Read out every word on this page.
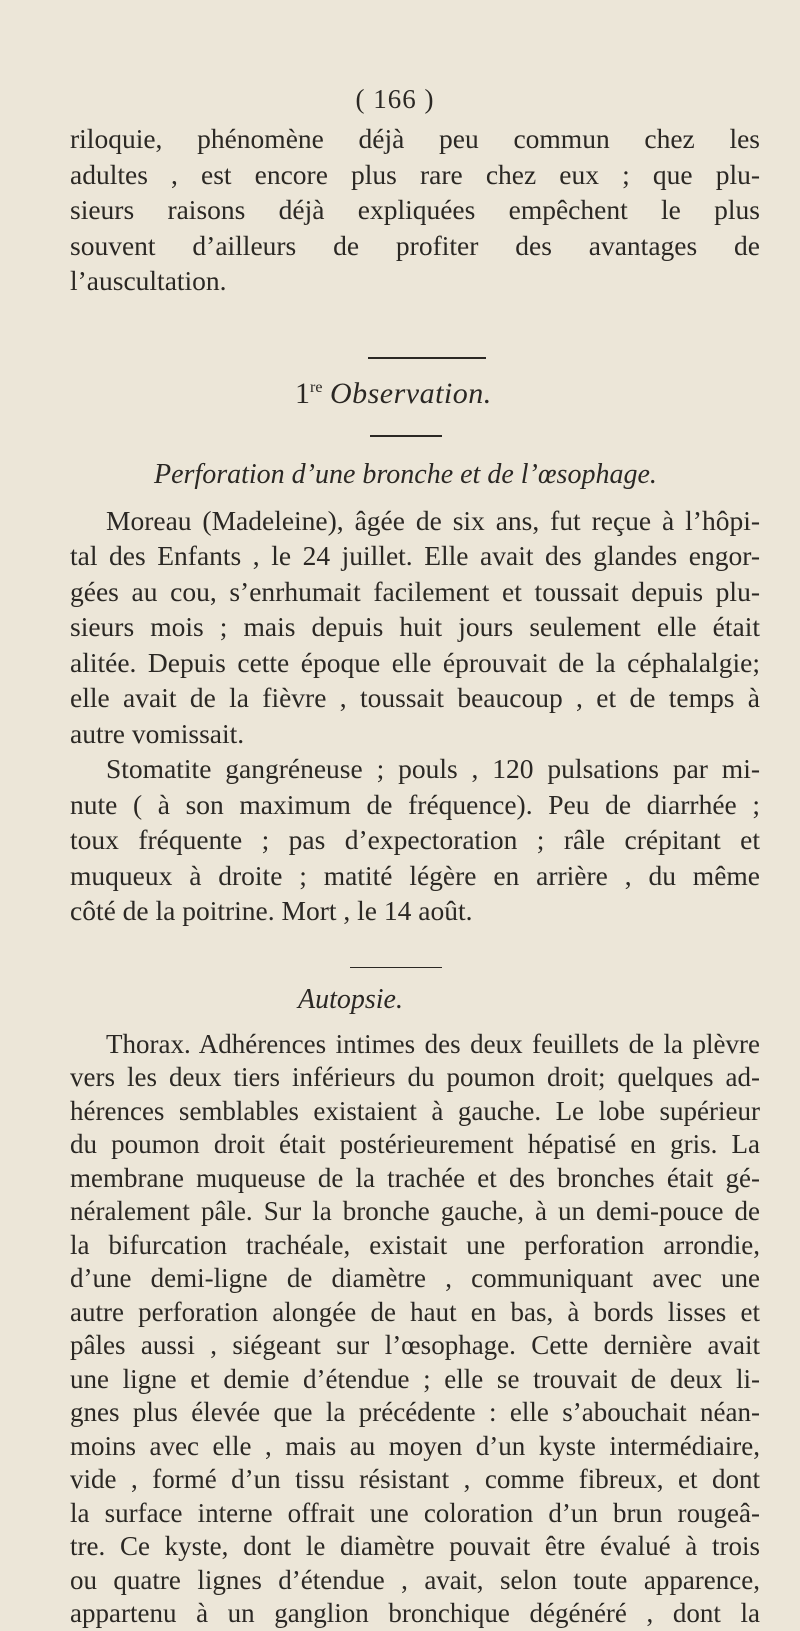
( 166 )

riloquie, phénomène déjà peu commun chez les
adultes , est encore plus rare chez eux ; que plu-
sieurs raisons déjà expliquées empêchent le plus
souvent d’ailleurs de profiter des avantages de
l’auscultation.

1re Observation.
Perforation d’une bronche et de l’œsophage.

Moreau (Madeleine), âgée de six ans, fut reçue à l’hôpi-
tal des Enfants , le 24 juillet. Elle avait des glandes engor-
gées au cou, s’enrhumait facilement et toussait depuis plu-
sieurs mois ; mais depuis huit jours seulement elle était
alitée. Depuis cette époque elle éprouvait de la céphalalgie;
elle avait de la fièvre , toussait beaucoup , et de temps à
autre vomissait.

Stomatite gangréneuse ; pouls , 120 pulsations par mi-
nute ( à son maximum de fréquence). Peu de diarrhée ;
toux fréquente ; pas d’expectoration ; râle crépitant et
muqueux à droite ; matité légère en arrière , du même
côté de la poitrine. Mort , le 14 août.

Autopsie.

Thorax. Adhérences intimes des deux feuillets de la plèvre
vers les deux tiers inférieurs du poumon droit; quelques ad-
hérences semblables existaient à gauche. Le lobe supérieur
du poumon droit était postérieurement hépatisé en gris. La
membrane muqueuse de la trachée et des bronches était gé-
néralement pâle. Sur la bronche gauche, à un demi-pouce de
la bifurcation trachéale, existait une perforation arrondie,
d’une demi-ligne de diamètre , communiquant avec une
autre perforation alongée de haut en bas, à bords lisses et
pâles aussi , siégeant sur l’œsophage. Cette dernière avait
une ligne et demie d’étendue ; elle se trouvait de deux li-
gnes plus élevée que la précédente : elle s’abouchait néan-
moins avec elle , mais au moyen d’un kyste intermédiaire,
vide , formé d’un tissu résistant , comme fibreux, et dont
la surface interne offrait une coloration d’un brun rougeâ-
tre. Ce kyste, dont le diamètre pouvait être évalué à trois
ou quatre lignes d’étendue , avait, selon toute apparence,
appartenu à un ganglion bronchique dégénéré , dont la
